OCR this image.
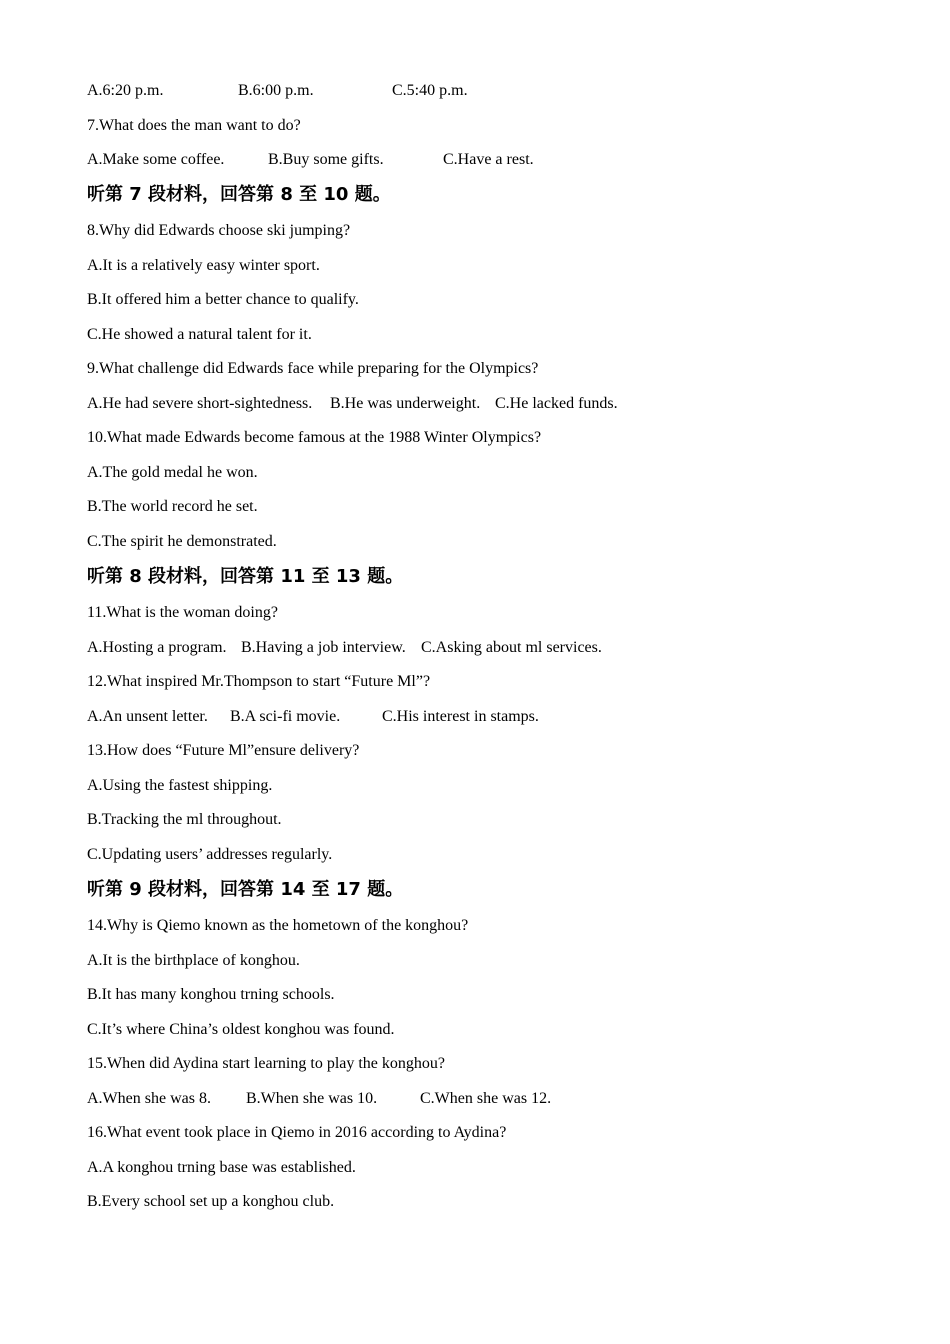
A.6:20 p.m.	B.6:00 p.m.	C.5:40 p.m.
7.What does the man want to do?
A.Make some coffee.	B.Buy some gifts.	C.Have a rest.
听第 7 段材料，回答第 8 至 10 题。
8.Why did Edwards choose ski jumping?
A.It is a relatively easy winter sport.
B.It offered him a better chance to qualify.
C.He showed a natural talent for it.
9.What challenge did Edwards face while preparing for the Olympics?
A.He had severe short-sightedness. B.He was underweight. C.He lacked funds.
10.What made Edwards become famous at the 1988 Winter Olympics?
A.The gold medal he won.
B.The world record he set.
C.The spirit he demonstrated.
听第 8 段材料，回答第 11 至 13 题。
11.What is the woman doing?
A.Hosting a program. B.Having a job interview. C.Asking about ml services.
12.What inspired Mr.Thompson to start “Future Ml”?
A.An unsent letter. B.A sci-fi movie.	C.His interest in stamps.
13.How does “Future Ml”ensure delivery?
A.Using the fastest shipping.
B.Tracking the ml throughout.
C.Updating users’ addresses regularly.
听第 9 段材料，回答第 14 至 17 题。
14.Why is Qiemo known as the hometown of the konghou?
A.It is the birthplace of konghou.
B.It has many konghou trning schools.
C.It’s where China’s oldest konghou was found.
15.When did Aydina start learning to play the konghou?
A.When she was 8. B.When she was 10.	C.When she was 12.
16.What event took place in Qiemo in 2016 according to Aydina?
A.A konghou trning base was established.
B.Every school set up a konghou club.
